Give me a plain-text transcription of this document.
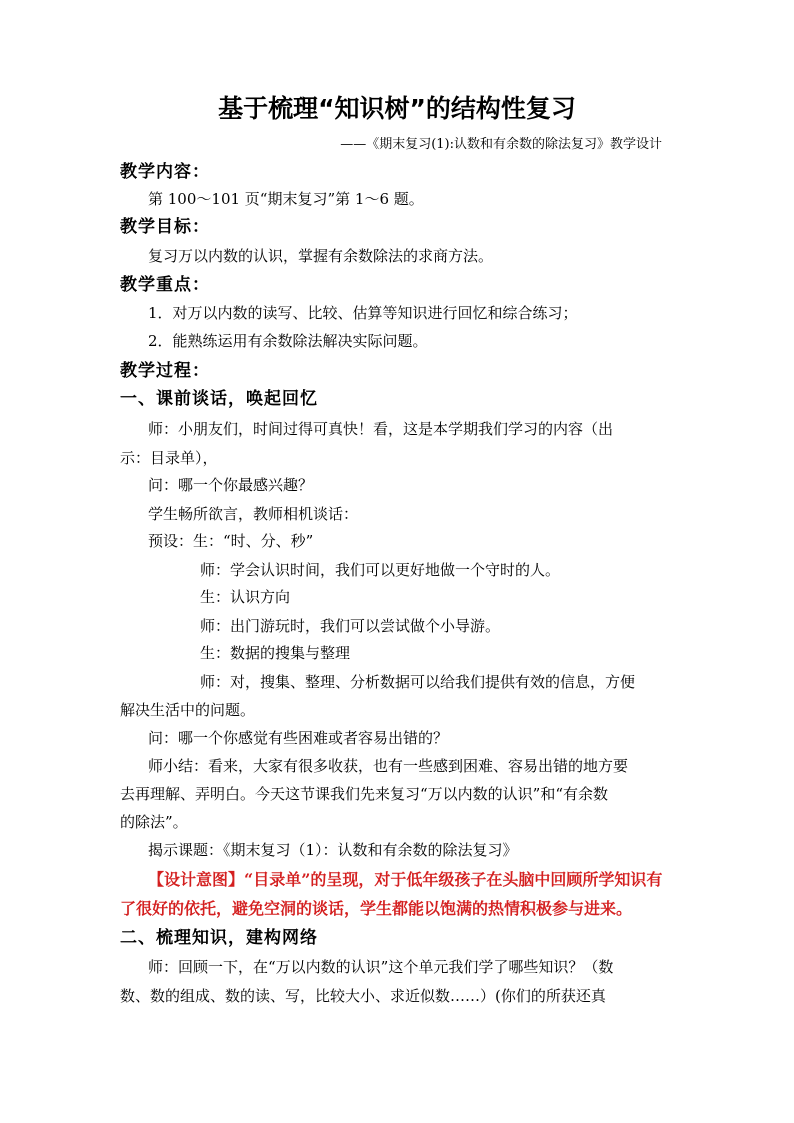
基于梳理“知识树”的结构性复习
——《期末复习(1):认数和有余数的除法复习》教学设计
教学内容：
第 100～101 页“期末复习”第 1～6 题。
教学目标：
复习万以内数的认识，掌握有余数除法的求商方法。
教学重点：
1．对万以内数的读写、比较、估算等知识进行回忆和综合练习；
2．能熟练运用有余数除法解决实际问题。
教学过程：
一、课前谈话，唤起回忆
师：小朋友们，时间过得可真快！看，这是本学期我们学习的内容（出
示：目录单），
问：哪一个你最感兴趣？
学生畅所欲言，教师相机谈话：
预设：生：“时、分、秒”
师：学会认识时间，我们可以更好地做一个守时的人。
生：认识方向
师：出门游玩时，我们可以尝试做个小导游。
生：数据的搜集与整理
师：对，搜集、整理、分析数据可以给我们提供有效的信息，方便
解决生活中的问题。
问：哪一个你感觉有些困难或者容易出错的？
师小结：看来，大家有很多收获，也有一些感到困难、容易出错的地方要
去再理解、弄明白。今天这节课我们先来复习“万以内数的认识”和“有余数
的除法”。
揭示课题：《期末复习（1）：认数和有余数的除法复习》
【设计意图】“目录单”的呈现，对于低年级孩子在头脑中回顾所学知识有
了很好的依托，避免空洞的谈话，学生都能以饱满的热情积极参与进来。
二、梳理知识，建构网络
师：回顾一下，在“万以内数的认识”这个单元我们学了哪些知识？（数
数、数的组成、数的读、写，比较大小、求近似数……）(你们的所获还真
